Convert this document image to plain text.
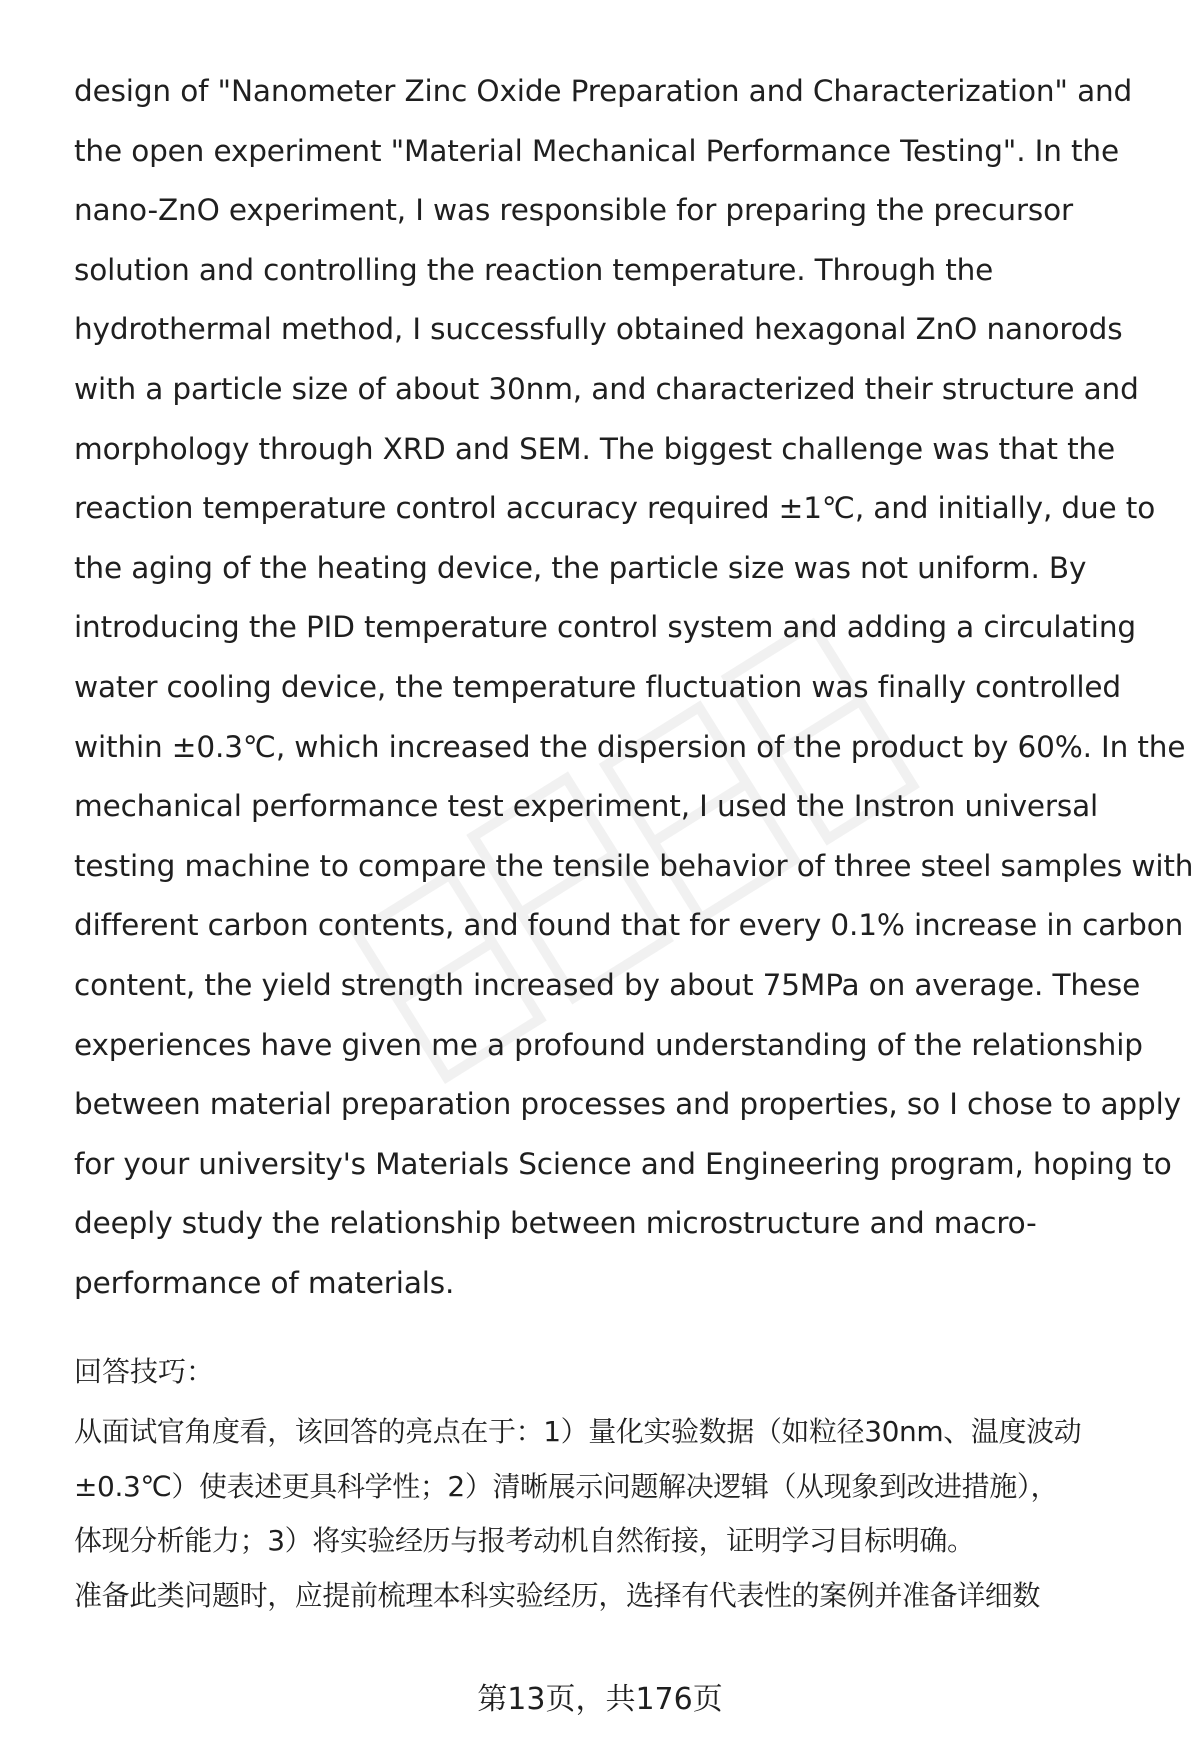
design of "Nanometer Zinc Oxide Preparation and Characterization" and
the open experiment "Material Mechanical Performance Testing". In the
nano-ZnO experiment, I was responsible for preparing the precursor
solution and controlling the reaction temperature. Through the
hydrothermal method, I successfully obtained hexagonal ZnO nanorods
with a particle size of about 30nm, and characterized their structure and
morphology through XRD and SEM. The biggest challenge was that the
reaction temperature control accuracy required ±1℃, and initially, due to
the aging of the heating device, the particle size was not uniform. By
introducing the PID temperature control system and adding a circulating
water cooling device, the temperature fluctuation was finally controlled
within ±0.3℃, which increased the dispersion of the product by 60%. In the
mechanical performance test experiment, I used the Instron universal
testing machine to compare the tensile behavior of three steel samples with
different carbon contents, and found that for every 0.1% increase in carbon
content, the yield strength increased by about 75MPa on average. These
experiences have given me a profound understanding of the relationship
between material preparation processes and properties, so I chose to apply
for your university's Materials Science and Engineering program, hoping to
deeply study the relationship between microstructure and macro-
performance of materials.
回答技巧：
从面试官角度看，该回答的亮点在于：1）量化实验数据（如粒径30nm、温度波动
±0.3℃）使表述更具科学性；2）清晰展示问题解决逻辑（从现象到改进措施），
体现分析能力；3）将实验经历与报考动机自然衔接，证明学习目标明确。
准备此类问题时，应提前梳理本科实验经历，选择有代表性的案例并准备详细数
第13页，共176页
